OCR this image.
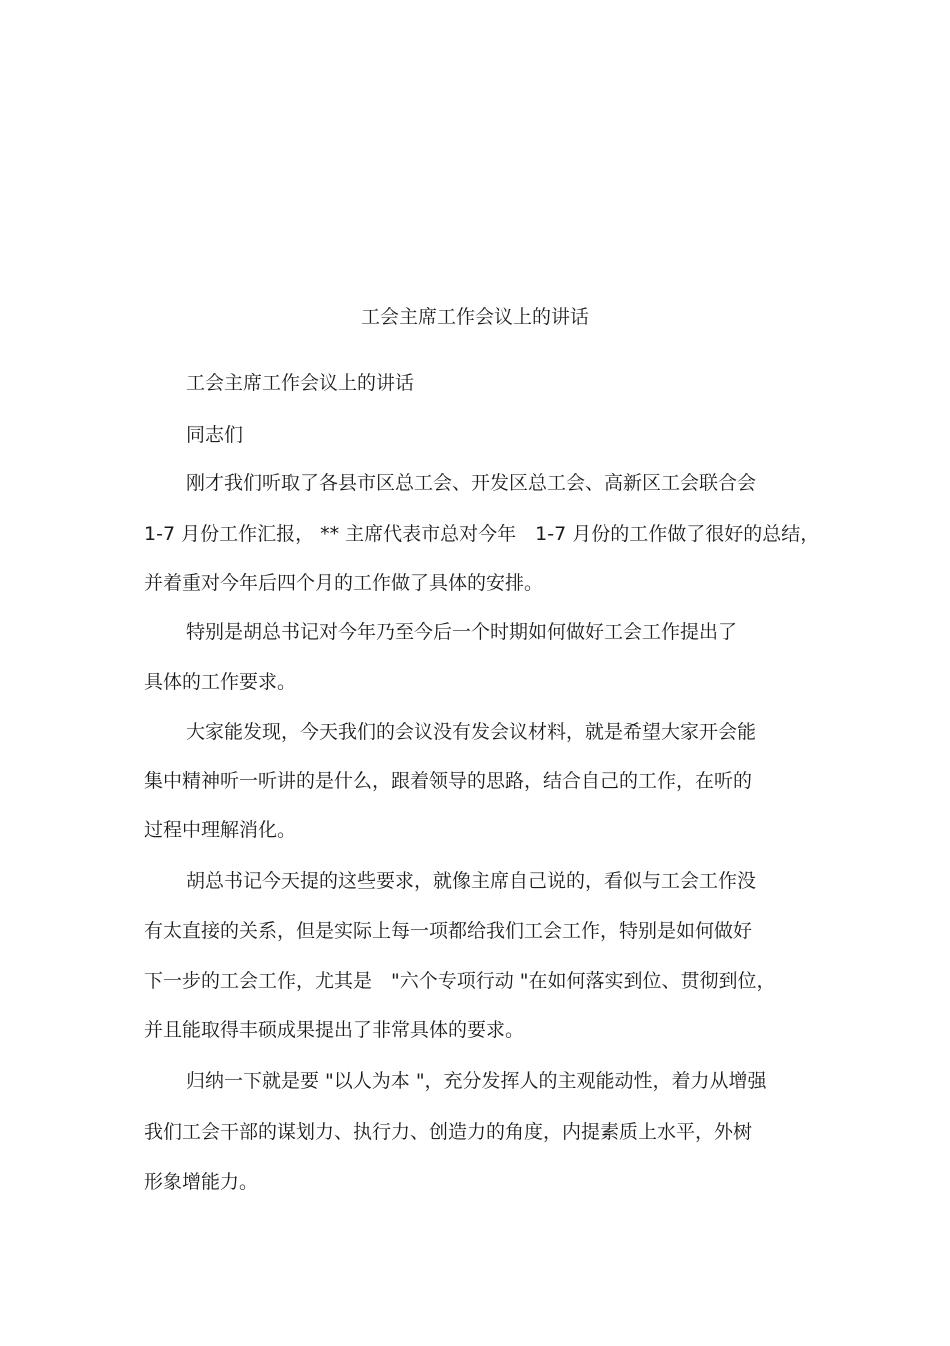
工会主席工作会议上的讲话
工会主席工作会议上的讲话
同志们
刚才我们听取了各县市区总工会、开发区总工会、高新区工会联合会
1-7 月份工作汇报， ** 主席代表市总对今年　1-7 月份的工作做了很好的总结，
并着重对今年后四个月的工作做了具体的安排。
特别是胡总书记对今年乃至今后一个时期如何做好工会工作提出了
具体的工作要求。
大家能发现，今天我们的会议没有发会议材料，就是希望大家开会能
集中精神听一听讲的是什么，跟着领导的思路，结合自己的工作，在听的
过程中理解消化。
胡总书记今天提的这些要求，就像主席自己说的，看似与工会工作没
有太直接的关系，但是实际上每一项都给我们工会工作，特别是如何做好
下一步的工会工作，尤其是　"六个专项行动 "在如何落实到位、贯彻到位，
并且能取得丰硕成果提出了非常具体的要求。
归纳一下就是要 "以人为本 "，充分发挥人的主观能动性，着力从增强
我们工会干部的谋划力、执行力、创造力的角度，内提素质上水平，外树
形象增能力。
